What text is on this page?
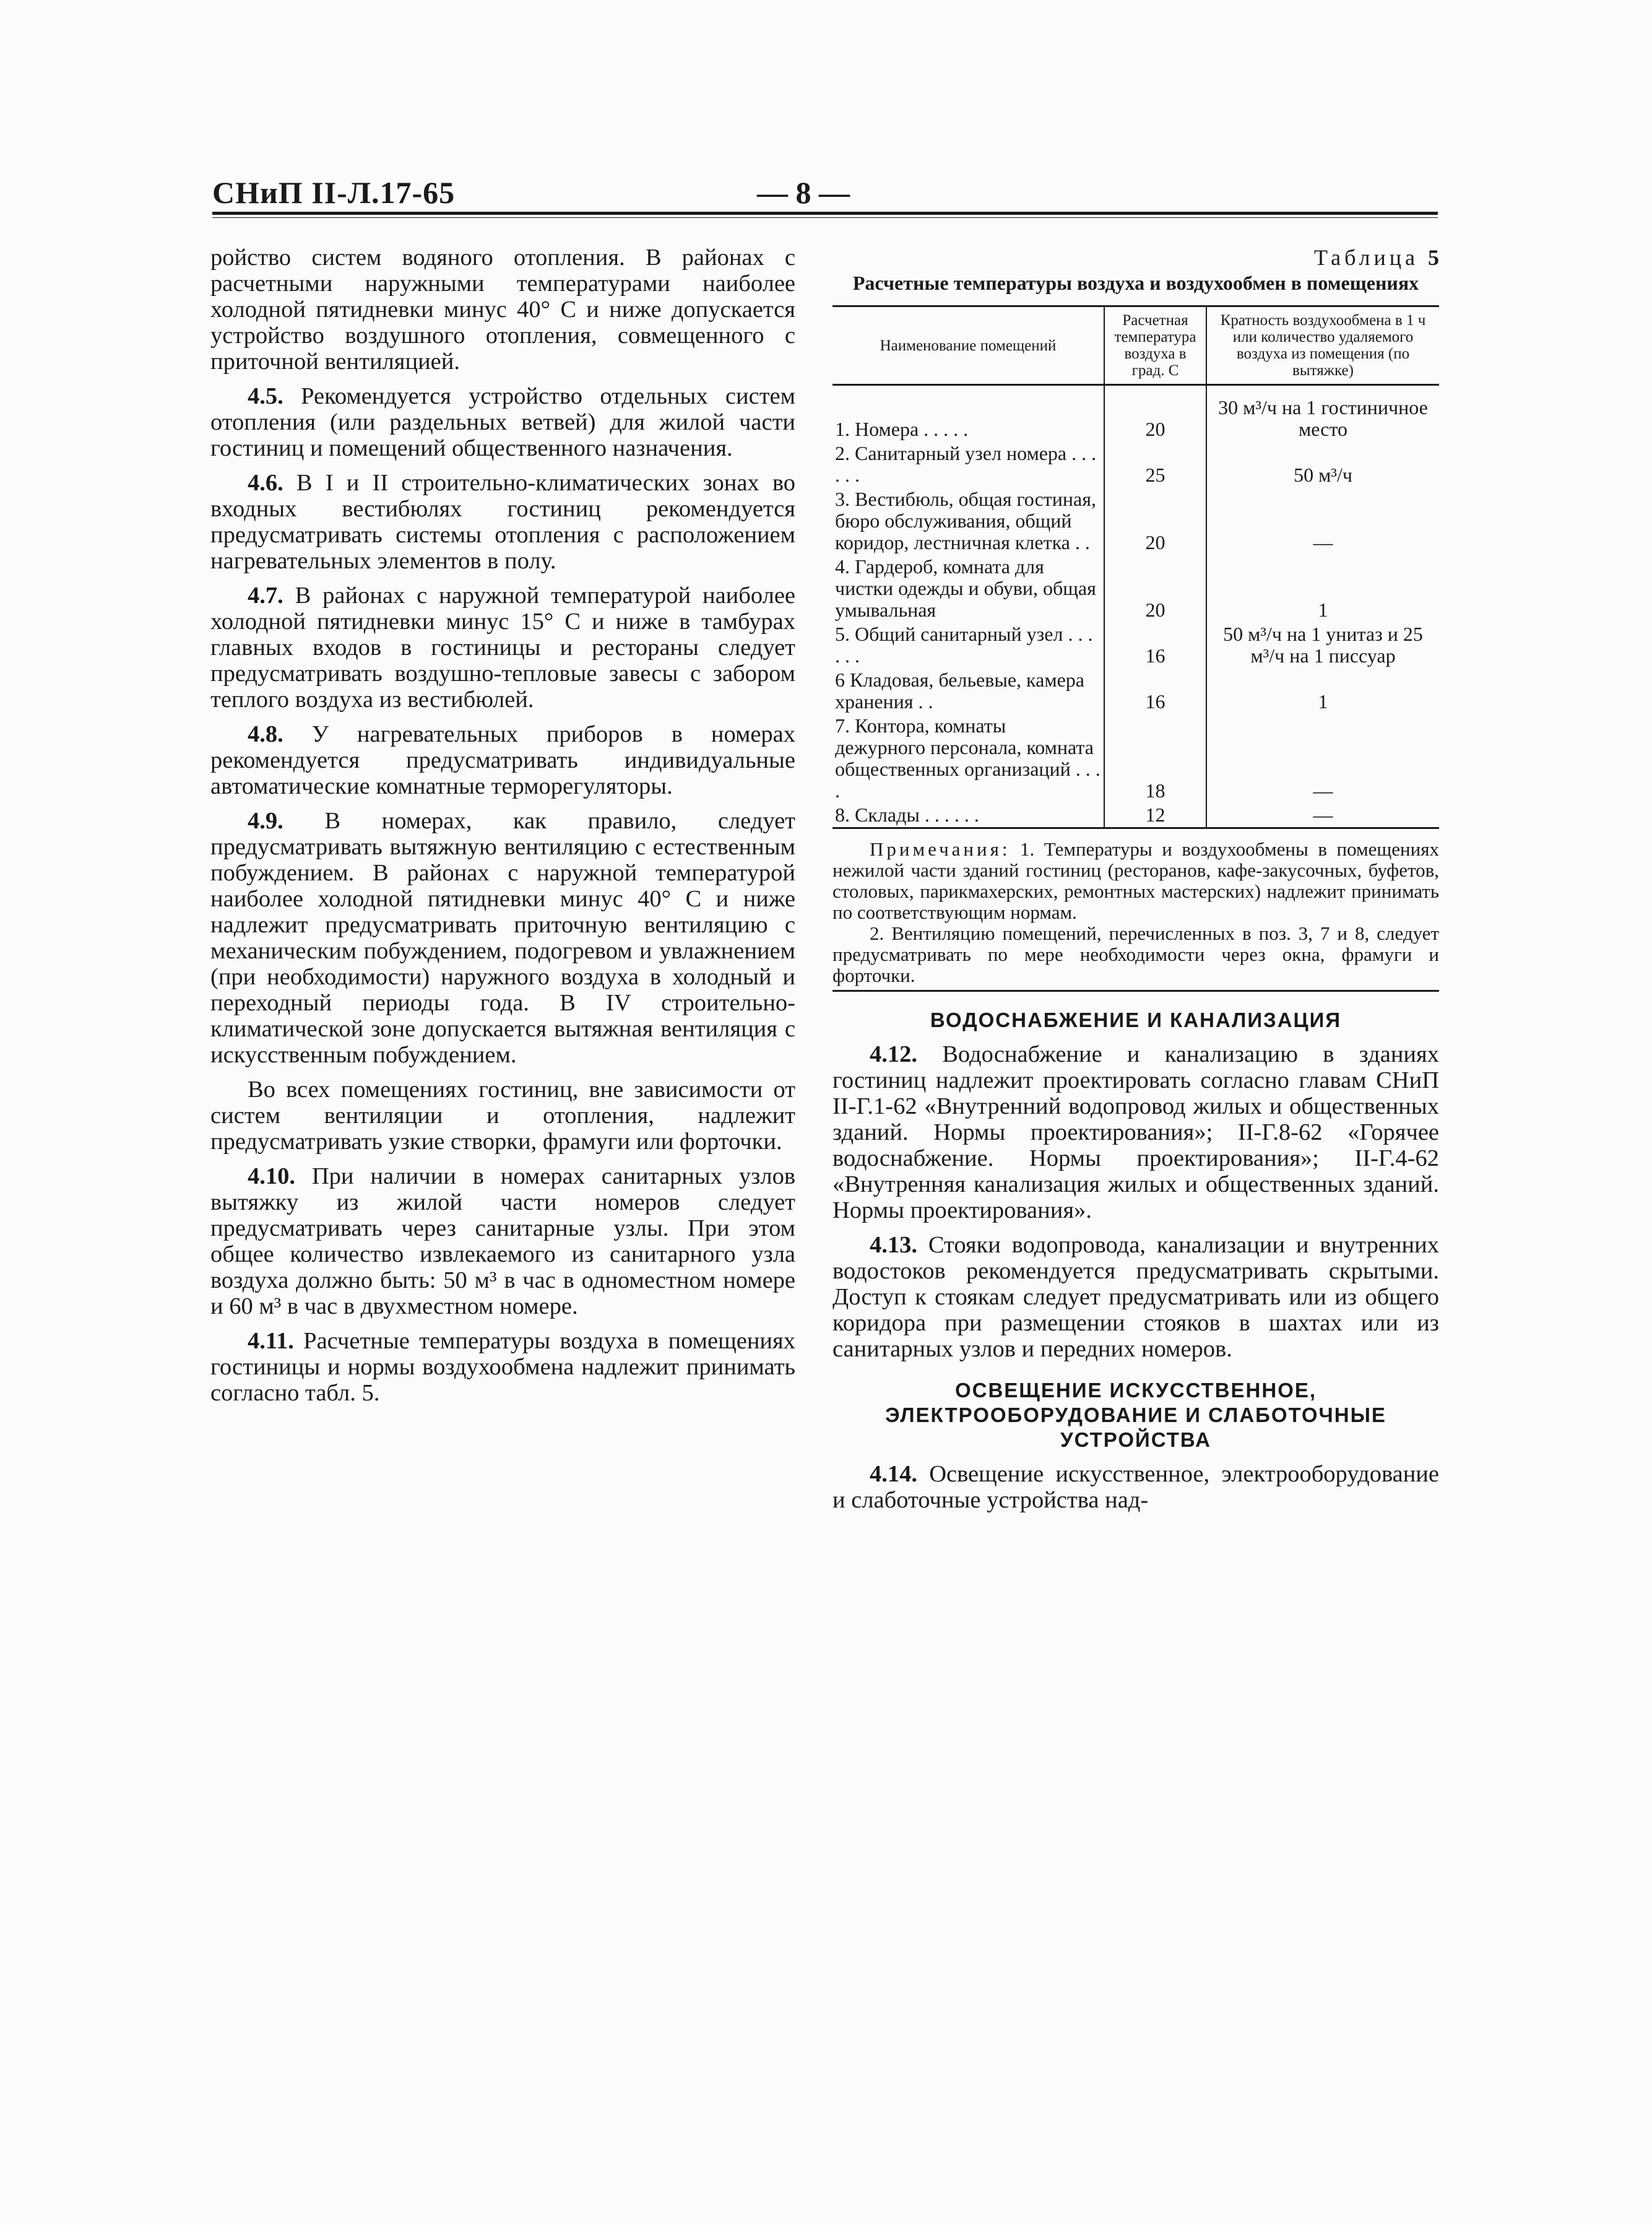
СНиП II-Л.17-65	— 8 —

ройство систем водяного отопления. В районах с расчетными наружными температурами наиболее холодной пятидневки минус 40° С и ниже допускается устройство воздушного отопления, совмещенного с приточной вентиляцией.

4.5. Рекомендуется устройство отдельных систем отопления (или раздельных ветвей) для жилой части гостиниц и помещений общественного назначения.

4.6. В I и II строительно-климатических зонах во входных вестибюлях гостиниц рекомендуется предусматривать системы отопления с расположением нагревательных элементов в полу.

4.7. В районах с наружной температурой наиболее холодной пятидневки минус 15° С и ниже в тамбурах главных входов в гостиницы и рестораны следует предусматривать воздушно-тепловые завесы с забором теплого воздуха из вестибюлей.

4.8. У нагревательных приборов в номерах рекомендуется предусматривать индивидуальные автоматические комнатные терморегуляторы.

4.9. В номерах, как правило, следует предусматривать вытяжную вентиляцию с естественным побуждением. В районах с наружной температурой наиболее холодной пятидневки минус 40° С и ниже надлежит предусматривать приточную вентиляцию с механическим побуждением, подогревом и увлажнением (при необходимости) наружного воздуха в холодный и переходный периоды года. В IV строительно-климатической зоне допускается вытяжная вентиляция с искусственным побуждением.

Во всех помещениях гостиниц, вне зависимости от систем вентиляции и отопления, надлежит предусматривать узкие створки, фрамуги или форточки.

4.10. При наличии в номерах санитарных узлов вытяжку из жилой части номеров следует предусматривать через санитарные узлы. При этом общее количество извлекаемого из санитарного узла воздуха должно быть: 50 м³ в час в одноместном номере и 60 м³ в час в двухместном номере.

4.11. Расчетные температуры воздуха в помещениях гостиницы и нормы воздухообмена надлежит принимать согласно табл. 5.

Таблица 5
Расчетные температуры воздуха и воздухообмен в помещениях
Наименование помещений	Расчетная температура воздуха в град. С	Кратность воздухообмена в 1 ч или количество удаляемого воздуха из помещения (по вытяжке)
1. Номера . . . . .	20	30 м³/ч на 1 гостиничное место
2. Санитарный узел номера . . . . . .	25	50 м³/ч
3. Вестибюль, общая гостиная, бюро обслуживания, общий коридор, лестничная клетка . .	20	—
4. Гардероб, комната для чистки одежды и обуви, общая умывальная	20	1
5. Общий санитарный узел . . . . . .	16	50 м³/ч на 1 унитаз и 25 м³/ч на 1 писсуар
6 Кладовая, бельевые, камера хранения . .	16	1
7. Контора, комнаты дежурного персонала, комната общественных организаций . . . .	18	—
8. Склады . . . . . .	12	—

Примечания: 1. Температуры и воздухообмены в помещениях нежилой части зданий гостиниц (ресторанов, кафе-закусочных, буфетов, столовых, парикмахерских, ремонтных мастерских) надлежит принимать по соответствующим нормам.

2. Вентиляцию помещений, перечисленных в поз. 3, 7 и 8, следует предусматривать по мере необходимости через окна, фрамуги и форточки.

ВОДОСНАБЖЕНИЕ И КАНАЛИЗАЦИЯ

4.12. Водоснабжение и канализацию в зданиях гостиниц надлежит проектировать согласно главам СНиП II-Г.1-62 «Внутренний водопровод жилых и общественных зданий. Нормы проектирования»; II-Г.8-62 «Горячее водоснабжение. Нормы проектирования»; II-Г.4-62 «Внутренняя канализация жилых и общественных зданий. Нормы проектирования».

4.13. Стояки водопровода, канализации и внутренних водостоков рекомендуется предусматривать скрытыми. Доступ к стоякам следует предусматривать или из общего коридора при размещении стояков в шахтах или из санитарных узлов и передних номеров.

ОСВЕЩЕНИЕ ИСКУССТВЕННОЕ, ЭЛЕКТРООБОРУДОВАНИЕ И СЛАБОТОЧНЫЕ УСТРОЙСТВА

4.14. Освещение искусственное, электрооборудование и слаботочные устройства над-
